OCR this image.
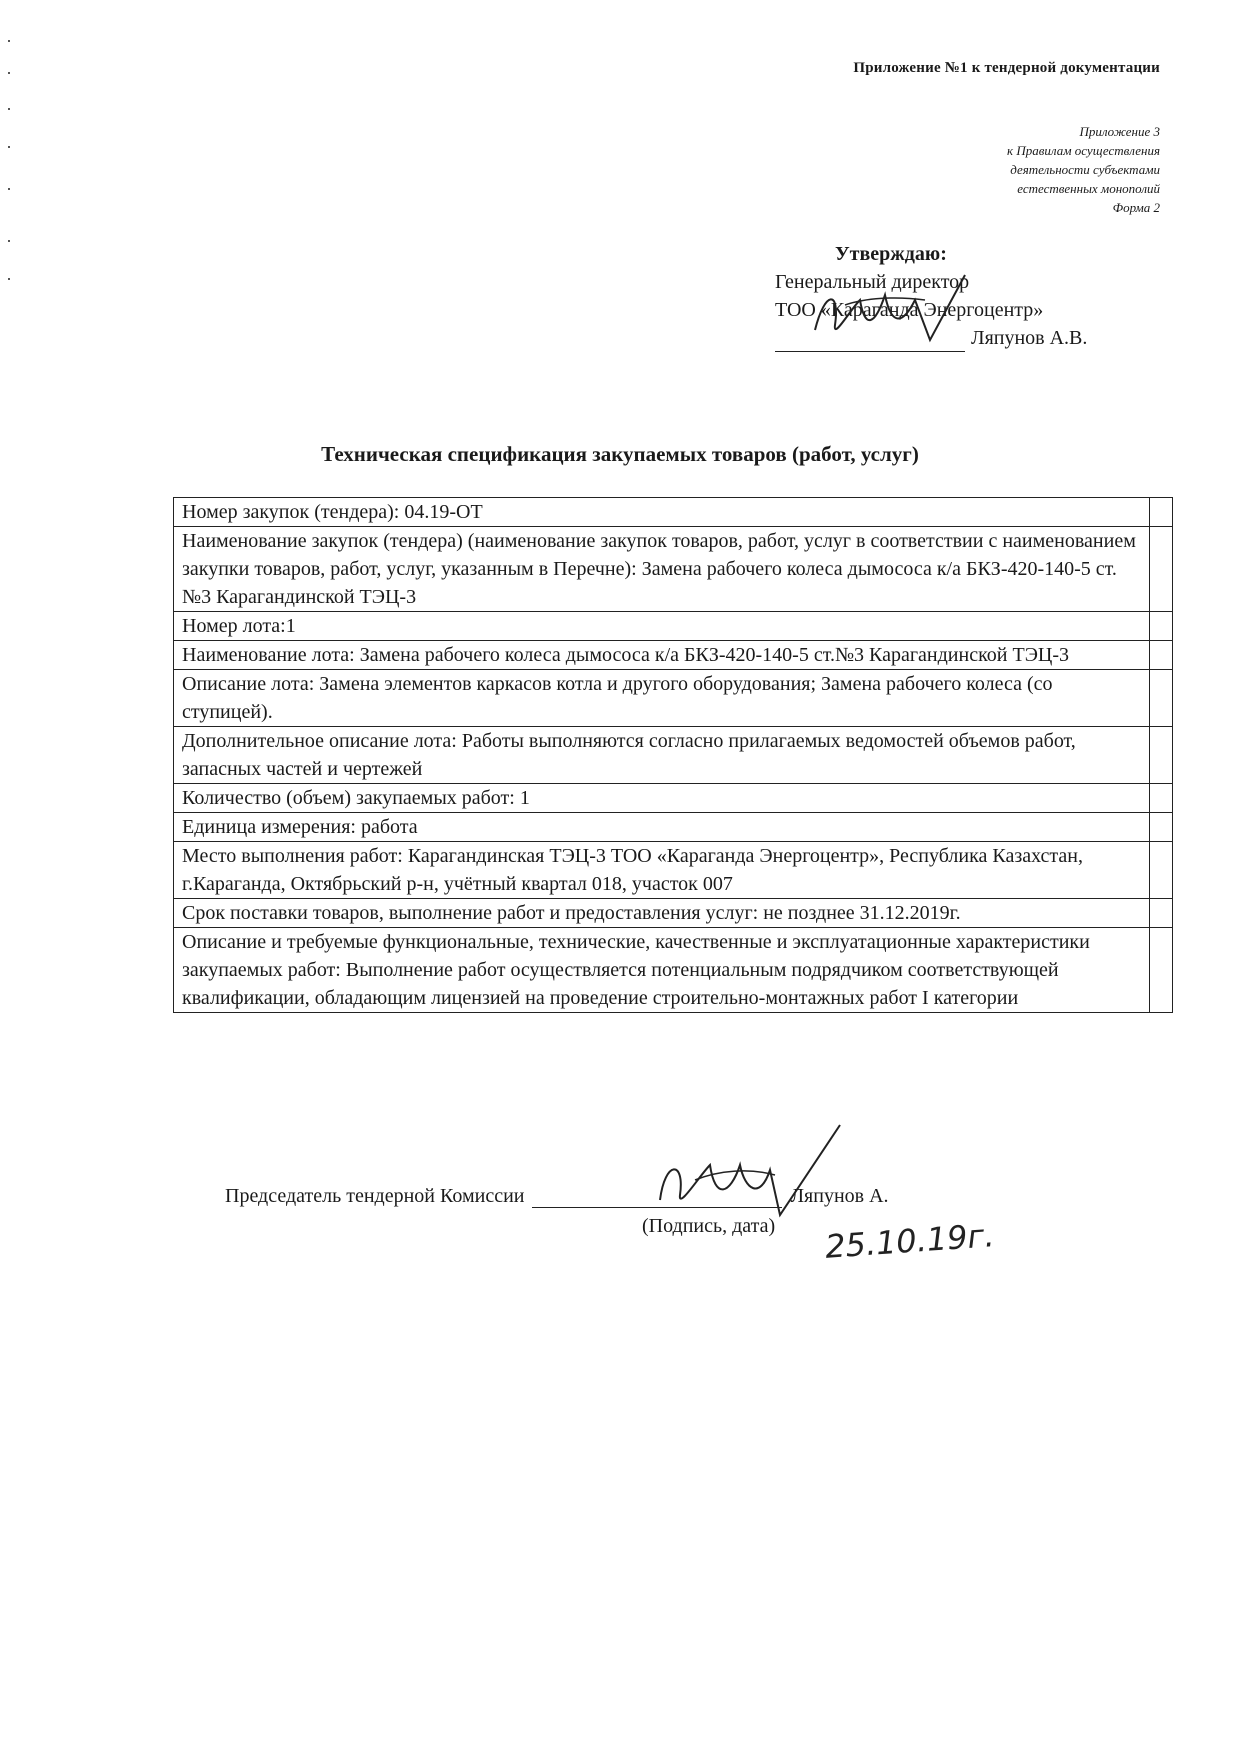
Приложение №1 к тендерной документации
Приложение 3
к Правилам осуществления
деятельности субъектами
естественных монополий
Форма 2
Утверждаю:
Генеральный директор
ТОО «Караганда Энергоцентр»
Ляпунов А.В.
Техническая спецификация закупаемых товаров (работ, услуг)
Номер закупок (тендера): 04.19-ОТ	
Наименование закупок (тендера) (наименование закупок товаров, работ, услуг в соответствии с наименованием закупки товаров, работ, услуг, указанным в Перечне): Замена рабочего колеса дымососа к/а БКЗ-420-140-5 ст.№3 Карагандинской ТЭЦ-3	
Номер лота:1	
Наименование лота: Замена рабочего колеса дымососа к/а БКЗ-420-140-5 ст.№3 Карагандинской ТЭЦ-3	
Описание лота: Замена элементов каркасов котла и другого оборудования; Замена рабочего колеса (со ступицей).	
Дополнительное описание лота: Работы выполняются согласно прилагаемых ведомостей объемов работ, запасных частей и чертежей	
Количество (объем) закупаемых работ: 1	
Единица измерения: работа	
Место выполнения работ: Карагандинская ТЭЦ-3 ТОО «Караганда Энергоцентр», Республика Казахстан, г.Караганда, Октябрьский р-н, учётный квартал 018, участок 007	
Срок поставки товаров, выполнение работ и предоставления услуг: не позднее 31.12.2019г.	
Описание и требуемые функциональные, технические, качественные и эксплуатационные характеристики закупаемых работ: Выполнение работ осуществляется потенциальным подрядчиком соответствующей квалификации, обладающим лицензией на проведение строительно-монтажных работ I категории	
Председатель тендерной Комиссии	Ляпунов А.
(Подпись, дата) 25.10.19г.
